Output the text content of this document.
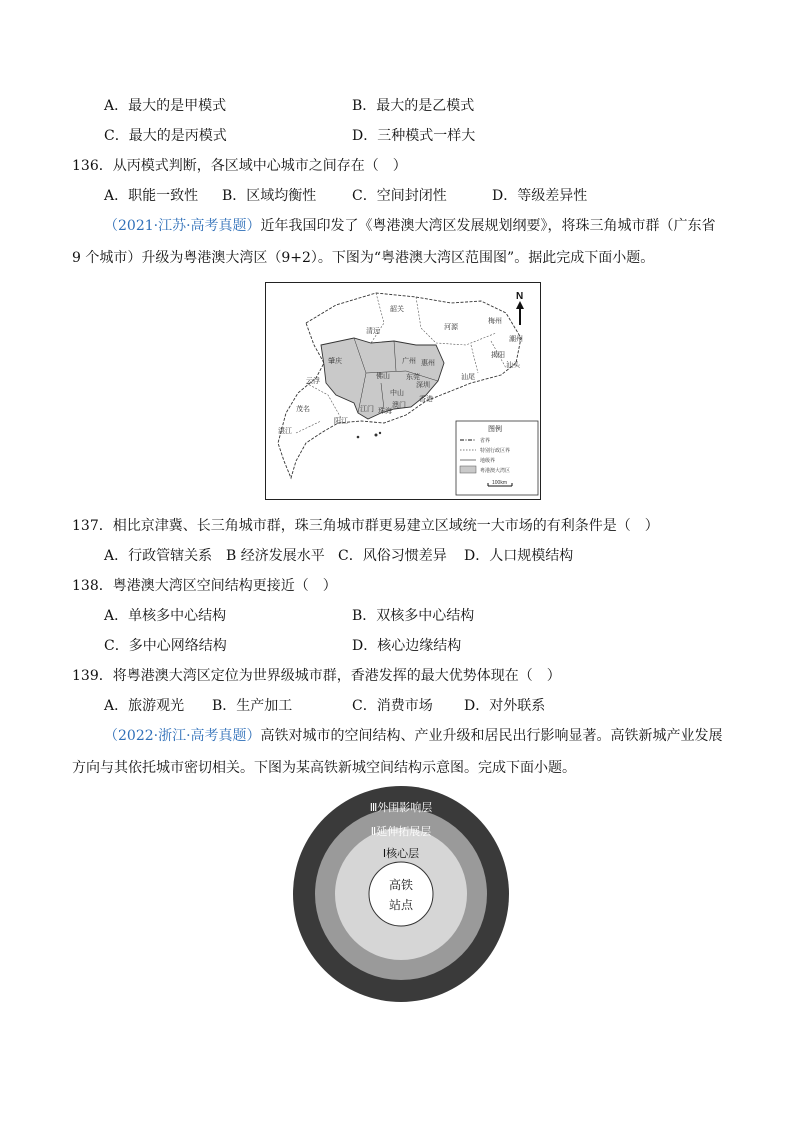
A．最大的是甲模式	B．最大的是乙模式
C．最大的是丙模式	D．三种模式一样大
136．从丙模式判断，各区域中心城市之间存在（　）
A．职能一致性 B．区域均衡性	C．空间封闭性	D．等级差异性
（2021·江苏·高考真题）近年我国印发了《粤港澳大湾区发展规划纲要》，将珠三角城市群（广东省
9 个城市）升级为粤港澳大湾区（9+2）。下图为“粤港澳大湾区范围图”。据此完成下面小题。
韶关
河源
梅州
清远
潮州
揭阳
汕头
广州 惠州
汕尾
肇庆
佛山 东莞
深圳
云浮
中山
香港
澳门
珠海
江门
阳江
茂名
湛江
N
图例
省界
特别行政区界
地级界
粤港澳大湾区
100km
137．相比京津冀、长三角城市群，珠三角城市群更易建立区域统一大市场的有利条件是（　）
A．行政管辖关系 B 经济发展水平 C．风俗习惯差异 D．人口规模结构
138．粤港澳大湾区空间结构更接近（　）
A．单核多中心结构	B．双核多中心结构
C．多中心网络结构	D．核心边缘结构
139．将粤港澳大湾区定位为世界级城市群，香港发挥的最大优势体现在（　）
A．旅游观光 B．生产加工	C．消费市场 D．对外联系
（2022·浙江·高考真题）高铁对城市的空间结构、产业升级和居民出行影响显著。高铁新城产业发展
方向与其依托城市密切相关。下图为某高铁新城空间结构示意图。完成下面小题。
Ⅲ外围影响层
Ⅱ延伸拓展层
Ⅰ核心层
高铁
站点
